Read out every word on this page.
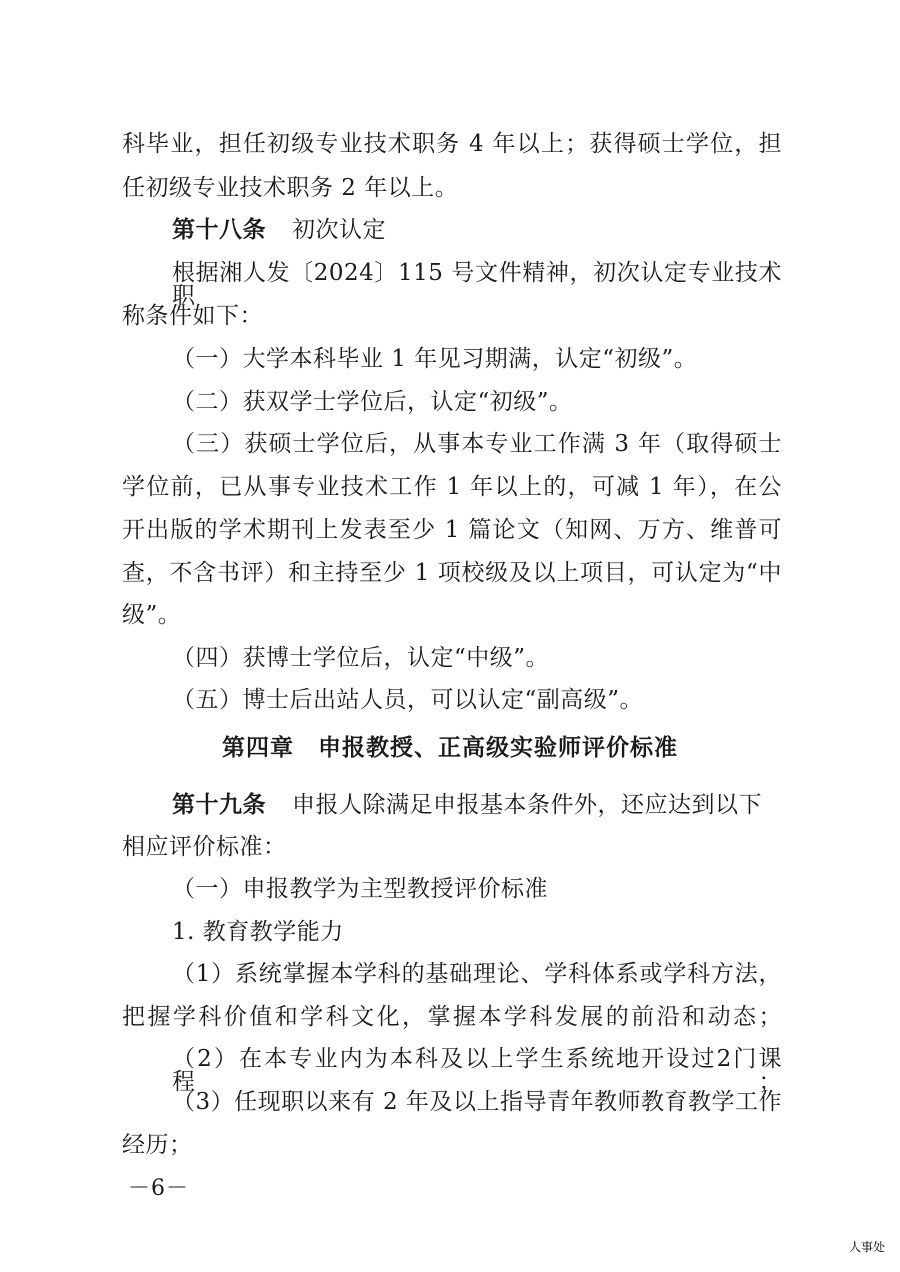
科毕业，担任初级专业技术职务 4 年以上；获得硕士学位，担
任初级专业技术职务 2 年以上。
第十八条 初次认定
根据湘人发〔2024〕115 号文件精神，初次认定专业技术职
称条件如下：
（一）大学本科毕业 1 年见习期满，认定“初级”。
（二）获双学士学位后，认定“初级”。
（三）获硕士学位后，从事本专业工作满 3 年（取得硕士
学位前，已从事专业技术工作 1 年以上的，可减 1 年），在公
开出版的学术期刊上发表至少 1 篇论文（知网、万方、维普可
查，不含书评）和主持至少 1 项校级及以上项目，可认定为“中
级”。
（四）获博士学位后，认定“中级”。
（五）博士后出站人员，可以认定“副高级”。
第四章　申报教授、正高级实验师评价标准
第十九条 申报人除满足申报基本条件外，还应达到以下
相应评价标准：
（一）申报教学为主型教授评价标准
1. 教育教学能力
（1）系统掌握本学科的基础理论、学科体系或学科方法，
把握学科价值和学科文化，掌握本学科发展的前沿和动态；
（2）在本专业内为本科及以上学生系统地开设过2门课程；
（3）任现职以来有 2 年及以上指导青年教师教育教学工作
经历；
－6－
人事处
